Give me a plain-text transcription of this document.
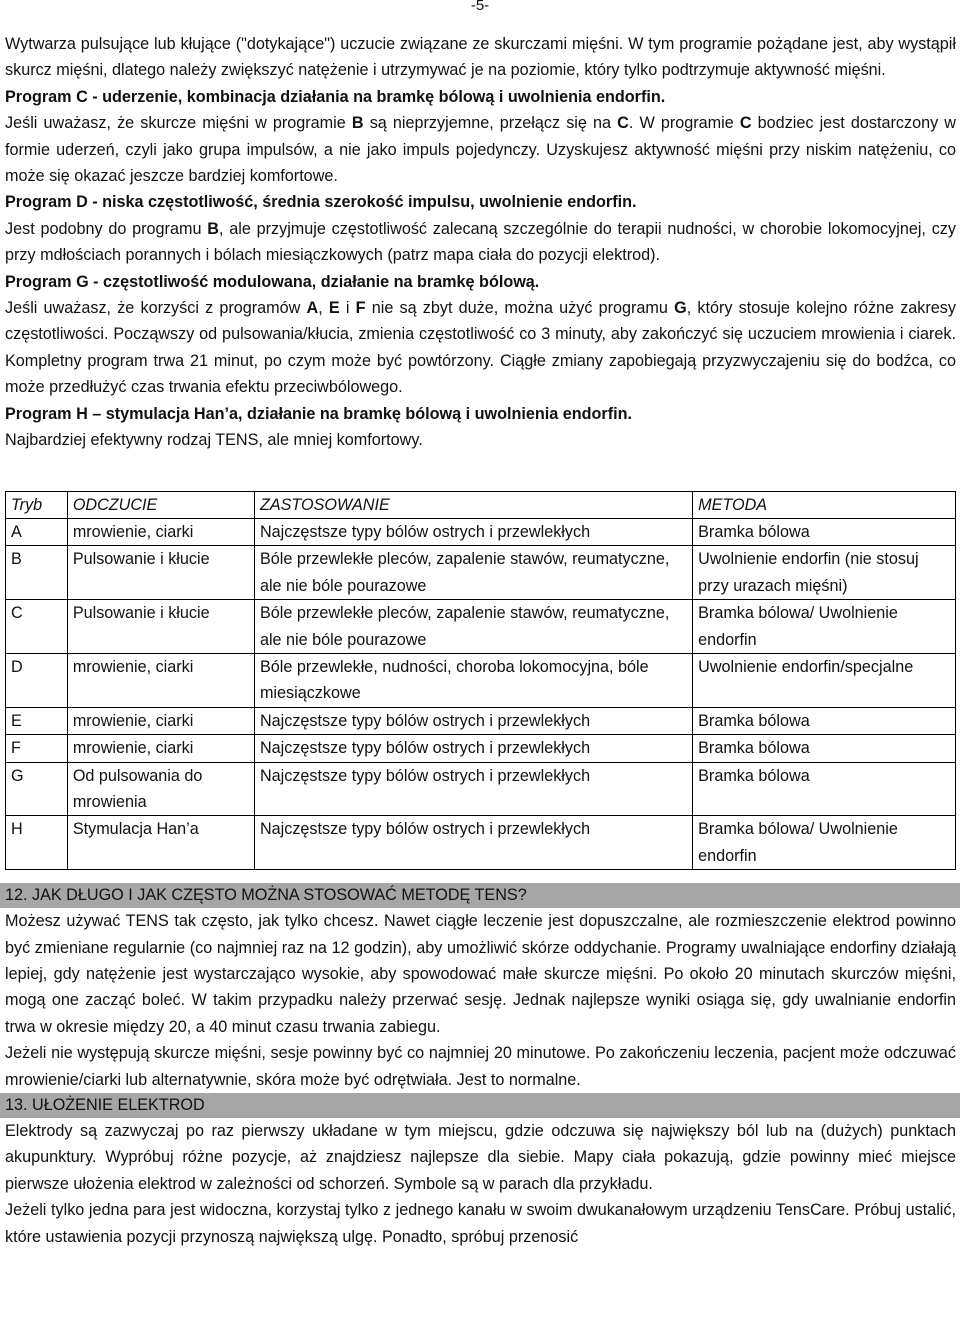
-5-

Wytwarza pulsujące lub kłujące ("dotykające") uczucie związane ze skurczami mięśni. W tym programie pożądane jest, aby wystąpił skurcz mięśni, dlatego należy zwiększyć natężenie i utrzymywać je na poziomie, który tylko podtrzymuje aktywność mięśni.

Program C - uderzenie, kombinacja działania na bramkę bólową i uwolnienia endorfin.

Jeśli uważasz, że skurcze mięśni w programie B są nieprzyjemne, przełącz się na C. W programie C bodziec jest dostarczony w formie uderzeń, czyli jako grupa impulsów, a nie jako impuls pojedynczy. Uzyskujesz aktywność mięśni przy niskim natężeniu, co może się okazać jeszcze bardziej komfortowe.

Program D - niska częstotliwość, średnia szerokość impulsu, uwolnienie endorfin.

Jest podobny do programu B, ale przyjmuje częstotliwość zalecaną szczególnie do terapii nudności, w chorobie lokomocyjnej, czy przy mdłościach porannych i bólach miesiączkowych (patrz mapa ciała do pozycji elektrod).

Program G - częstotliwość modulowana, działanie na bramkę bólową.

Jeśli uważasz, że korzyści z programów A, E i F nie są zbyt duże, można użyć programu G, który stosuje kolejno różne zakresy częstotliwości. Począwszy od pulsowania/kłucia, zmienia częstotliwość co 3 minuty, aby zakończyć się uczuciem mrowienia i ciarek. Kompletny program trwa 21 minut, po czym może być powtórzony. Ciągłe zmiany zapobiegają przyzwyczajeniu się do bodźca, co może przedłużyć czas trwania efektu przeciwbólowego.

Program H – stymulacja Han’a, działanie na bramkę bólową i uwolnienia endorfin.

Najbardziej efektywny rodzaj TENS, ale mniej komfortowy.

Tryb	ODCZUCIE	ZASTOSOWANIE	METODA
A	mrowienie, ciarki	Najczęstsze typy bólów ostrych i przewlekłych	Bramka bólowa
B	Pulsowanie i kłucie	Bóle przewlekłe pleców, zapalenie stawów, reumatyczne, ale nie bóle pourazowe	Uwolnienie endorfin (nie stosuj przy urazach mięśni)
C	Pulsowanie i kłucie	Bóle przewlekłe pleców, zapalenie stawów, reumatyczne, ale nie bóle pourazowe	Bramka bólowa/ Uwolnienie endorfin
D	mrowienie, ciarki	Bóle przewlekłe, nudności, choroba lokomocyjna, bóle miesiączkowe	Uwolnienie endorfin/specjalne
E	mrowienie, ciarki	Najczęstsze typy bólów ostrych i przewlekłych	Bramka bólowa
F	mrowienie, ciarki	Najczęstsze typy bólów ostrych i przewlekłych	Bramka bólowa
G	Od pulsowania do mrowienia	Najczęstsze typy bólów ostrych i przewlekłych	Bramka bólowa
H	Stymulacja Han’a	Najczęstsze typy bólów ostrych i przewlekłych	Bramka bólowa/ Uwolnienie endorfin

12. JAK DŁUGO I JAK CZĘSTO MOŻNA STOSOWAĆ METODĘ TENS?

Możesz używać TENS tak często, jak tylko chcesz. Nawet ciągłe leczenie jest dopuszczalne, ale rozmieszczenie elektrod powinno być zmieniane regularnie (co najmniej raz na 12 godzin), aby umożliwić skórze oddychanie. Programy uwalniające endorfiny działają lepiej, gdy natężenie jest wystarczająco wysokie, aby spowodować małe skurcze mięśni. Po około 20 minutach skurczów mięśni, mogą one zacząć boleć. W takim przypadku należy przerwać sesję. Jednak najlepsze wyniki osiąga się, gdy uwalnianie endorfin trwa w okresie między 20, a 40 minut czasu trwania zabiegu.

Jeżeli nie występują skurcze mięśni, sesje powinny być co najmniej 20 minutowe. Po zakończeniu leczenia, pacjent może odczuwać mrowienie/ciarki lub alternatywnie, skóra może być odrętwiała. Jest to normalne.

13. UŁOŻENIE ELEKTROD

Elektrody są zazwyczaj po raz pierwszy układane w tym miejscu, gdzie odczuwa się największy ból lub na (dużych) punktach akupunktury. Wypróbuj różne pozycje, aż znajdziesz najlepsze dla siebie. Mapy ciała pokazują, gdzie powinny mieć miejsce pierwsze ułożenia elektrod w zależności od schorzeń. Symbole są w parach dla przykładu.

Jeżeli tylko jedna para jest widoczna, korzystaj tylko z jednego kanału w swoim dwukanałowym urządzeniu TensCare. Próbuj ustalić, które ustawienia pozycji przynoszą największą ulgę. Ponadto, spróbuj przenosić
